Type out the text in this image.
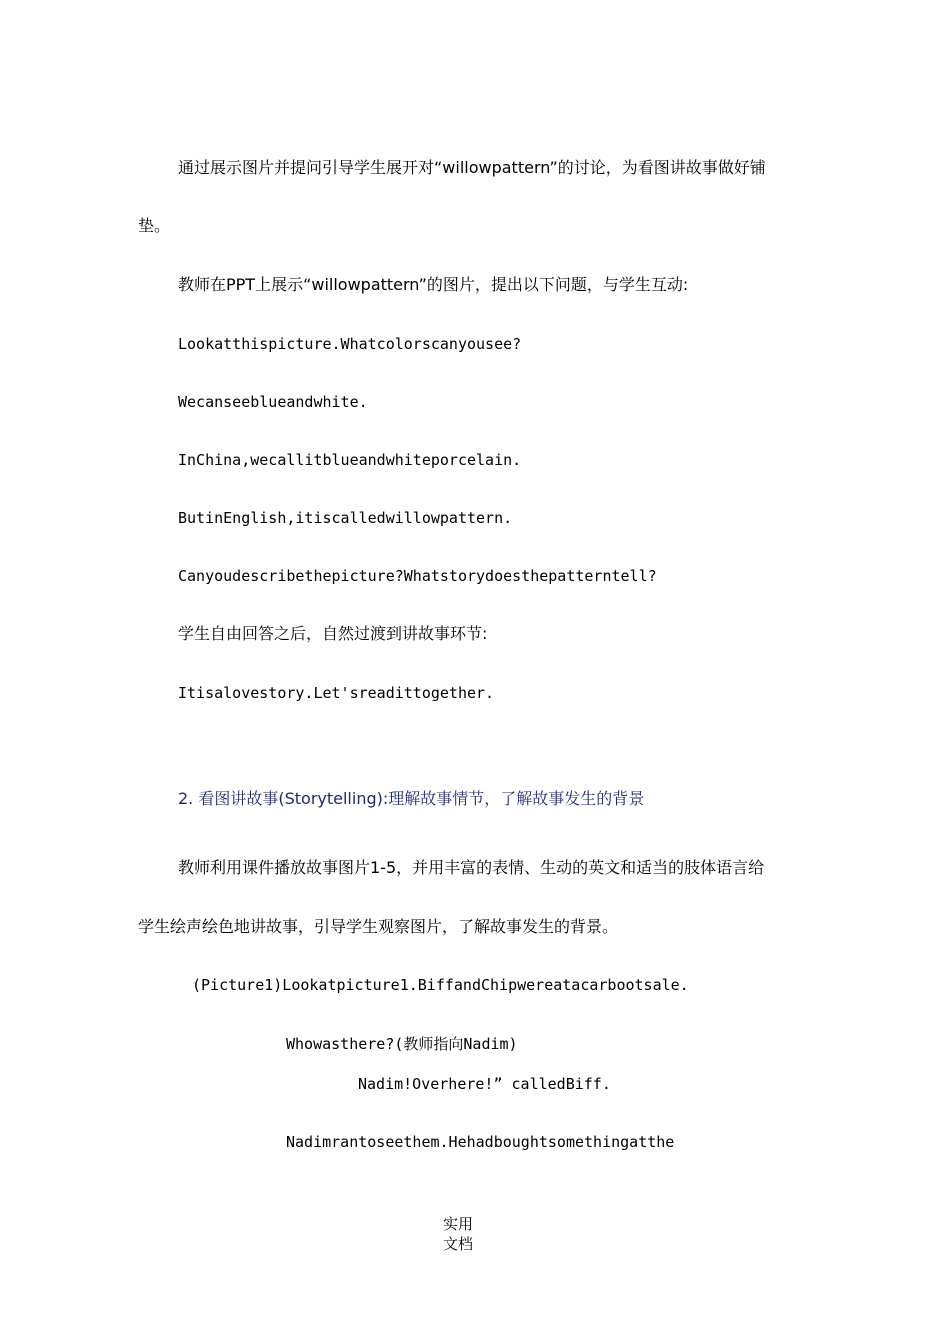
通过展示图片并提问引导学生展开对“willowpattern”的讨论，为看图讲故事做好铺
垫。
教师在PPT上展示“willowpattern”的图片，提出以下问题，与学生互动:
Lookatthispicture.Whatcolorscanyousee?
Wecanseeblueandwhite.
InChina,wecallitblueandwhiteporcelain.
ButinEnglish,itiscalledwillowpattern.
Canyoudescribethepicture?Whatstorydoesthepatterntell?
学生自由回答之后，自然过渡到讲故事环节:
Itisalovestory.Let'sreadittogether.
2. 看图讲故事(Storytelling):理解故事情节，了解故事发生的背景
教师利用课件播放故事图片1-5，并用丰富的表情、生动的英文和适当的肢体语言给
学生绘声绘色地讲故事，引导学生观察图片，了解故事发生的背景。
(Picture1)Lookatpicture1.BiffandChipwereatacarbootsale.
Whowasthere?(教师指向Nadim)
Nadim!Overhere!” calledBiff.
Nadimrantoseethem.Hehadboughtsomethingatthe
实用
文档
